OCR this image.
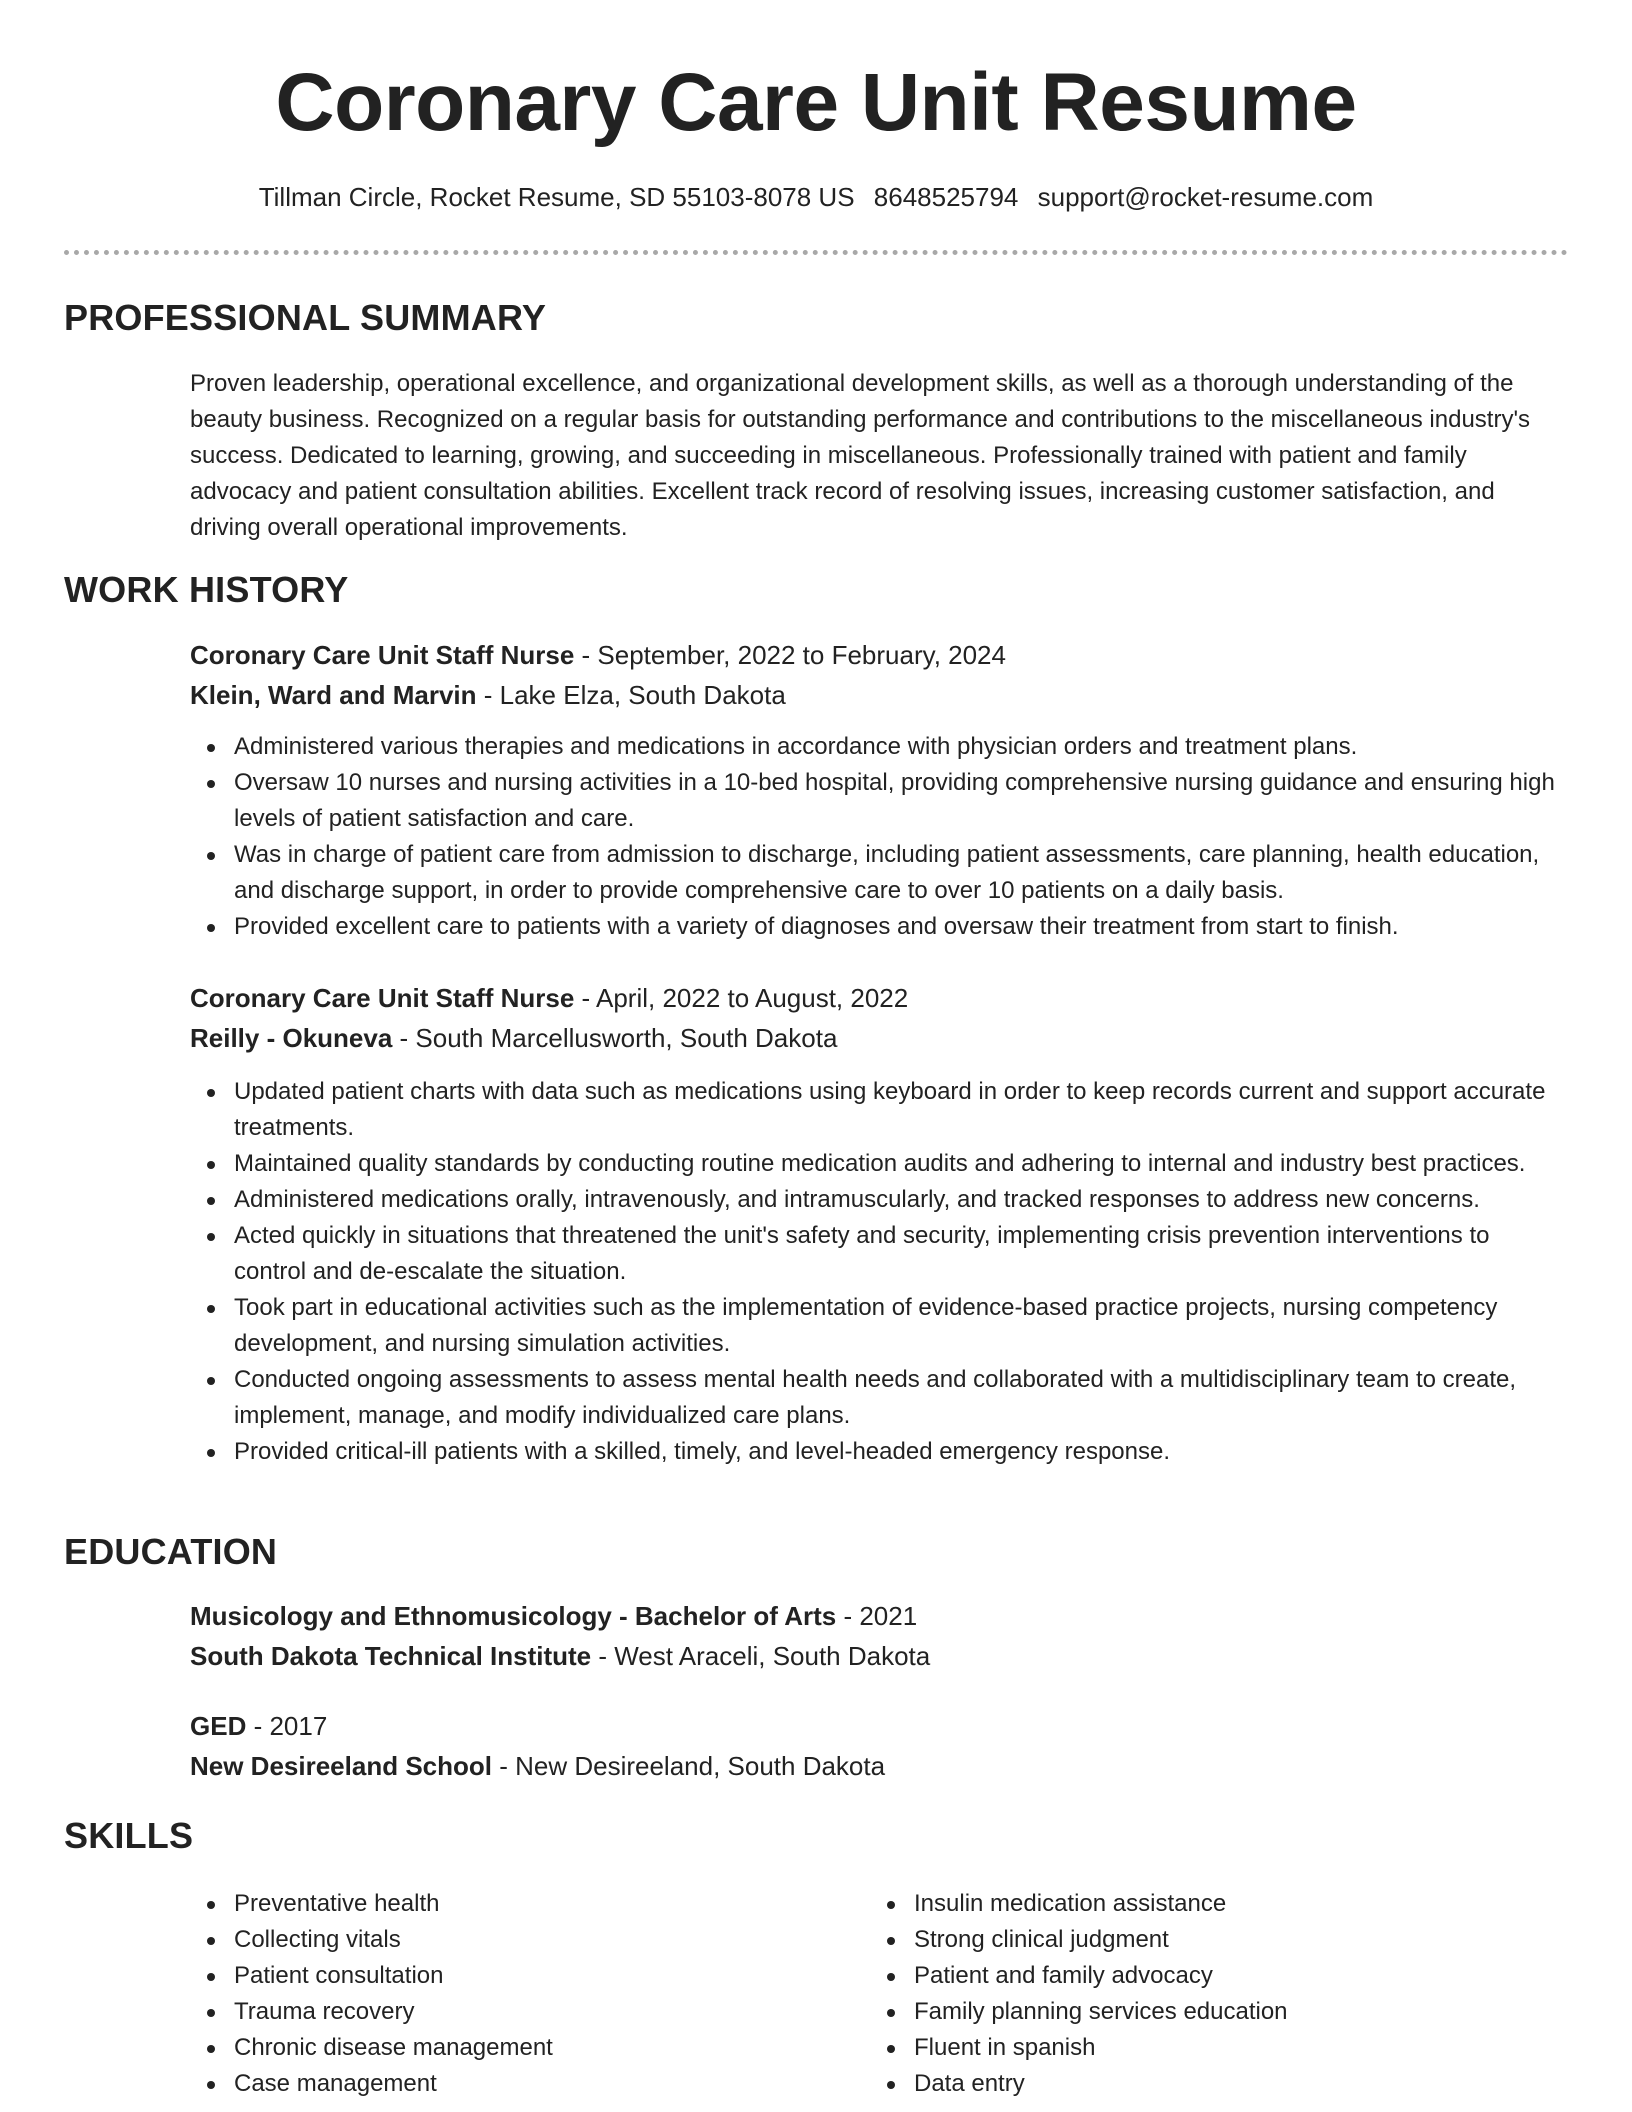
Coronary Care Unit Resume
Tillman Circle, Rocket Resume, SD 55103-8078 US 8648525794 support@rocket-resume.com
PROFESSIONAL SUMMARY

Proven leadership, operational excellence, and organizational development skills, as well as a thorough understanding of the beauty business. Recognized on a regular basis for outstanding performance and contributions to the miscellaneous industry's success. Dedicated to learning, growing, and succeeding in miscellaneous. Professionally trained with patient and family advocacy and patient consultation abilities. Excellent track record of resolving issues, increasing customer satisfaction, and driving overall operational improvements.

WORK HISTORY
Coronary Care Unit Staff Nurse - September, 2022 to February, 2024
Klein, Ward and Marvin - Lake Elza, South Dakota
Administered various therapies and medications in accordance with physician orders and treatment plans.
Oversaw 10 nurses and nursing activities in a 10-bed hospital, providing comprehensive nursing guidance and ensuring high levels of patient satisfaction and care.
Was in charge of patient care from admission to discharge, including patient assessments, care planning, health education, and discharge support, in order to provide comprehensive care to over 10 patients on a daily basis.
Provided excellent care to patients with a variety of diagnoses and oversaw their treatment from start to finish.
Coronary Care Unit Staff Nurse - April, 2022 to August, 2022
Reilly - Okuneva - South Marcellusworth, South Dakota
Updated patient charts with data such as medications using keyboard in order to keep records current and support accurate treatments.
Maintained quality standards by conducting routine medication audits and adhering to internal and industry best practices.
Administered medications orally, intravenously, and intramuscularly, and tracked responses to address new concerns.
Acted quickly in situations that threatened the unit's safety and security, implementing crisis prevention interventions to control and de-escalate the situation.
Took part in educational activities such as the implementation of evidence-based practice projects, nursing competency development, and nursing simulation activities.
Conducted ongoing assessments to assess mental health needs and collaborated with a multidisciplinary team to create, implement, manage, and modify individualized care plans.
Provided critical-ill patients with a skilled, timely, and level-headed emergency response.
EDUCATION
Musicology and Ethnomusicology - Bachelor of Arts - 2021
South Dakota Technical Institute - West Araceli, South Dakota
GED - 2017
New Desireeland School - New Desireeland, South Dakota
SKILLS
Preventative health
Collecting vitals
Patient consultation
Trauma recovery
Chronic disease management
Case management
Insulin medication assistance
Strong clinical judgment
Patient and family advocacy
Family planning services education
Fluent in spanish
Data entry
